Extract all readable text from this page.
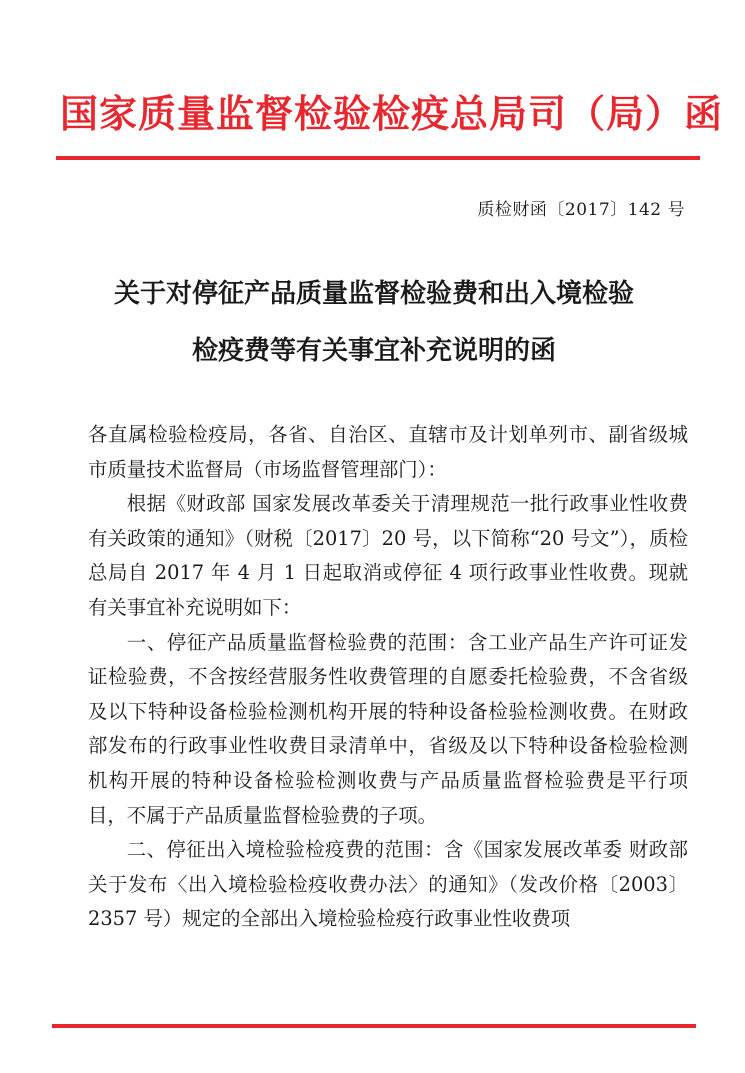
国家质量监督检验检疫总局司（局）函
质检财函〔2017〕142 号
关于对停征产品质量监督检验费和出入境检验
检疫费等有关事宜补充说明的函

各直属检验检疫局，各省、自治区、直辖市及计划单列市、副省级城市质量技术监督局（市场监督管理部门）：

根据《财政部 国家发展改革委关于清理规范一批行政事业性收费有关政策的通知》（财税〔2017〕20 号，以下简称“20 号文”），质检总局自 2017 年 4 月 1 日起取消或停征 4 项行政事业性收费。现就有关事宜补充说明如下：

一、停征产品质量监督检验费的范围：含工业产品生产许可证发证检验费，不含按经营服务性收费管理的自愿委托检验费，不含省级及以下特种设备检验检测机构开展的特种设备检验检测收费。在财政部发布的行政事业性收费目录清单中，省级及以下特种设备检验检测机构开展的特种设备检验检测收费与产品质量监督检验费是平行项目，不属于产品质量监督检验费的子项。

二、停征出入境检验检疫费的范围：含《国家发展改革委 财政部关于发布〈出入境检验检疫收费办法〉的通知》（发改价格〔2003〕2357 号）规定的全部出入境检验检疫行政事业性收费项
